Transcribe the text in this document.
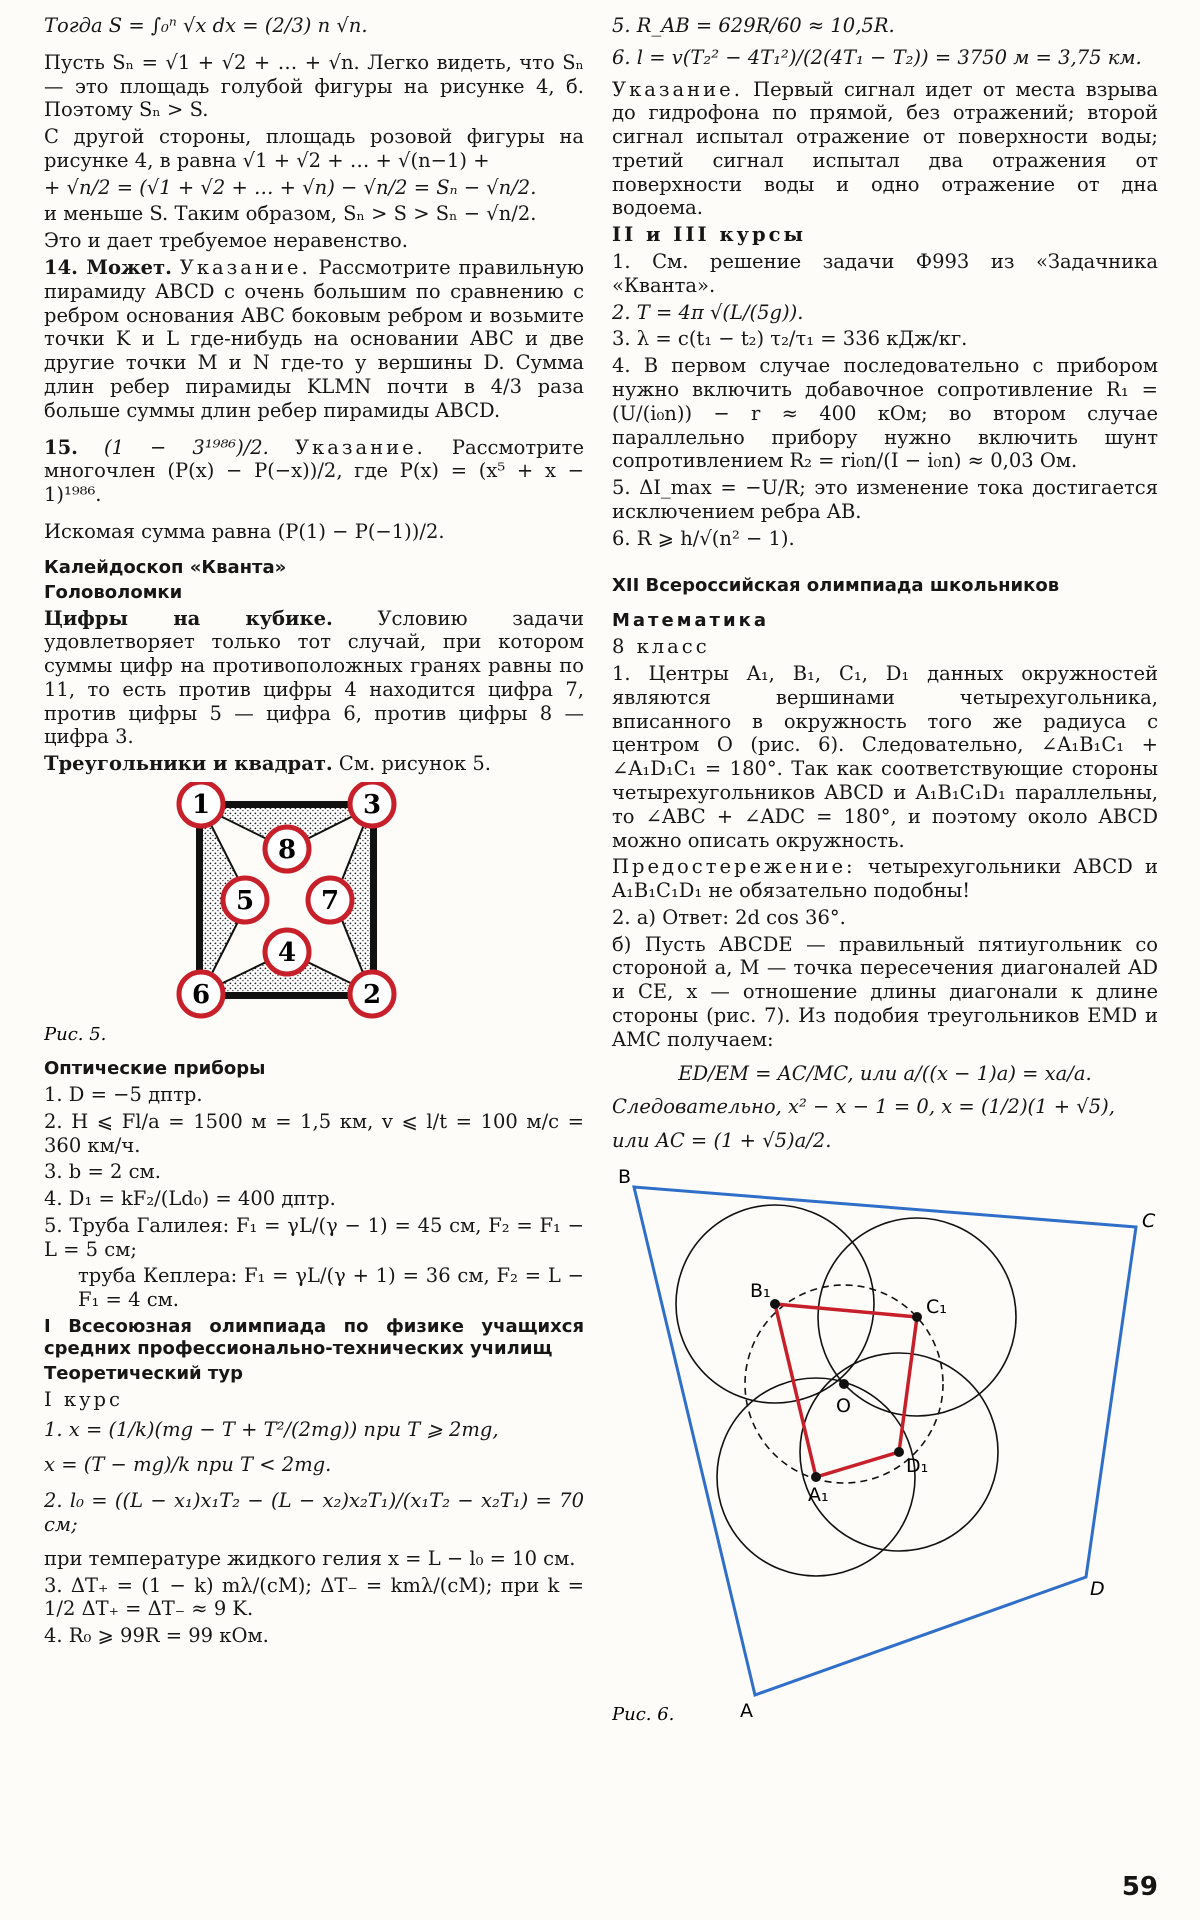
Тогда S = ∫₀ⁿ √x dx = (2/3) n √n.

Пусть Sₙ = √1 + √2 + … + √n. Легко видеть, что Sₙ — это площадь голубой фигуры на рисунке 4, б. Поэтому Sₙ > S.

С другой стороны, площадь розовой фигуры на рисунке 4, в равна √1 + √2 + … + √(n−1) +

+ √n/2 = (√1 + √2 + … + √n) − √n/2 = Sₙ − √n/2.

и меньше S. Таким образом, Sₙ > S > Sₙ − √n/2.

Это и дает требуемое неравенство.

14. Может. Указание. Рассмотрите правильную пирамиду ABCD с очень большим по сравнению с ребром основания ABC боковым ребром и возьмите точки K и L где-нибудь на основании ABC и две другие точки M и N где-то у вершины D. Сумма длин ребер пирамиды KLMN почти в 4/3 раза больше суммы длин ребер пирамиды ABCD.

15. (1 − 3¹⁹⁸⁶)/2. Указание. Рассмотрите многочлен (P(x) − P(−x))/2, где P(x) = (x⁵ + x − 1)¹⁹⁸⁶.

Искомая сумма равна (P(1) − P(−1))/2.

Калейдоскоп «Кванта»

Головоломки

Цифры на кубике. Условию задачи удовлетворяет только тот случай, при котором суммы цифр на противоположных гранях равны по 11, то есть против цифры 4 находится цифра 7, против цифры 5 — цифра 6, против цифры 8 — цифра 3.

Треугольники и квадрат. См. рисунок 5.

1	3
8
5	7
4
6	2
Рис. 5.

Оптические приборы

1. D = −5 дптр.

2. H ⩽ Fl/a = 1500 м = 1,5 км, v ⩽ l/t = 100 м/с = 360 км/ч.

3. b = 2 см.

4. D₁ = kF₂/(Ld₀) = 400 дптр.

5. Труба Галилея: F₁ = γL/(γ − 1) = 45 см, F₂ = F₁ − L = 5 см;

труба Кеплера: F₁ = γL/(γ + 1) = 36 см, F₂ = L − F₁ = 4 см.

I Всесоюзная олимпиада по физике учащихся средних профессионально-технических училищ

Теоретический тур

I курс

1. x = (1/k)(mg − T + T²/(2mg)) при T ⩾ 2mg,

x = (T − mg)/k при T < 2mg.

2. l₀ = ((L − x₁)x₁T₂ − (L − x₂)x₂T₁)/(x₁T₂ − x₂T₁) = 70 см;

при температуре жидкого гелия x = L − l₀ = 10 см.

3. ΔT₊ = (1 − k) mλ/(cM); ΔT₋ = kmλ/(cM); при k = 1/2 ΔT₊ = ΔT₋ ≈ 9 K.

4. R₀ ⩾ 99R = 99 кОм.

5. R_AB = 629R/60 ≈ 10,5R.

6. l = v(T₂² − 4T₁²)/(2(4T₁ − T₂)) = 3750 м = 3,75 км.

Указание. Первый сигнал идет от места взрыва до гидрофона по прямой, без отражений; второй сигнал испытал отражение от поверхности воды; третий сигнал испытал два отражения от поверхности воды и одно отражение от дна водоема.

II и III курсы

1. См. решение задачи Ф993 из «Задачника «Кванта».

2. T = 4π √(L/(5g)).

3. λ = c(t₁ − t₂) τ₂/τ₁ = 336 кДж/кг.

4. В первом случае последовательно с прибором нужно включить добавочное сопротивление R₁ = (U/(i₀n)) − r ≈ 400 кОм; во втором случае параллельно прибору нужно включить шунт сопротивлением R₂ = ri₀n/(I − i₀n) ≈ 0,03 Ом.

5. ΔI_max = −U/R; это изменение тока достигается исключением ребра AB.

6. R ⩾ h/√(n² − 1).

XII Всероссийская олимпиада школьников

Математика

8 класс

1. Центры A₁, B₁, C₁, D₁ данных окружностей являются вершинами четырехугольника, вписанного в окружность того же радиуса с центром O (рис. 6). Следовательно, ∠A₁B₁C₁ + ∠A₁D₁C₁ = 180°. Так как соответствующие стороны четырехугольников ABCD и A₁B₁C₁D₁ параллельны, то ∠ABC + ∠ADC = 180°, и поэтому около ABCD можно описать окружность.

Предостережение: четырехугольники ABCD и A₁B₁C₁D₁ не обязательно подобны!

2. а) Ответ: 2d cos 36°.

б) Пусть ABCDE — правильный пятиугольник со стороной a, M — точка пересечения диагоналей AD и CE, x — отношение длины диагонали к длине стороны (рис. 7). Из подобия треугольников EMD и AMC получаем:

ED/EM = AC/MC, или a/((x − 1)a) = xa/a.

Следовательно, x² − x − 1 = 0, x = (1/2)(1 + √5),

или AC = (1 + √5)a/2.

B
C
D
A
B₁
C₁
D₁
A₁
O
Рис. 6.
59
